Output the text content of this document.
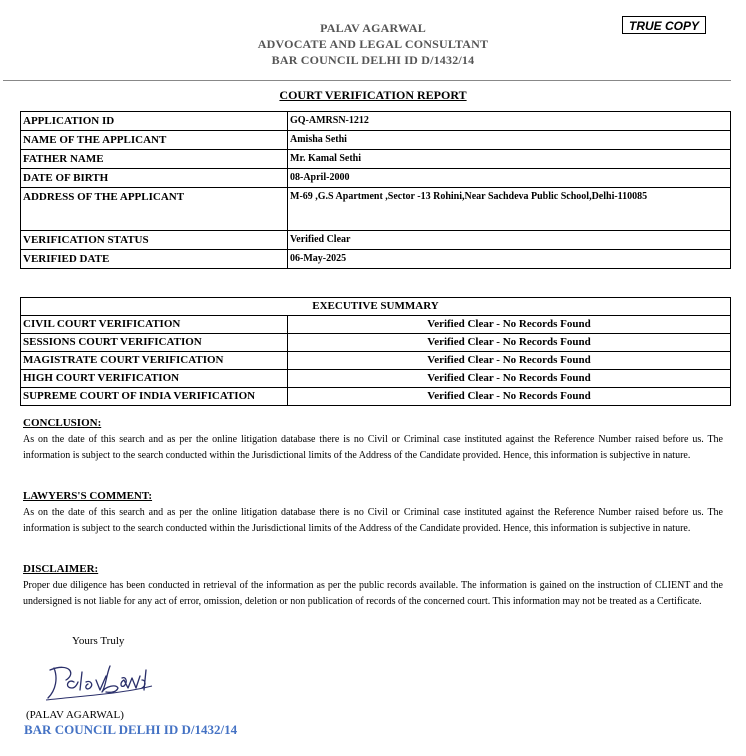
PALAV AGARWAL
ADVOCATE AND LEGAL CONSULTANT
BAR COUNCIL DELHI ID D/1432/14
TRUE COPY
COURT VERIFICATION REPORT
APPLICATION ID	GQ-AMRSN-1212
NAME OF THE APPLICANT	Amisha Sethi
FATHER NAME	Mr. Kamal Sethi
DATE OF BIRTH	08-April-2000
ADDRESS OF THE APPLICANT	M-69 ,G.S Apartment ,Sector -13 Rohini,Near Sachdeva Public School,Delhi-110085
VERIFICATION STATUS	Verified Clear
VERIFIED DATE	06-May-2025
EXECUTIVE SUMMARY	
CIVIL COURT VERIFICATION	Verified Clear - No Records Found
SESSIONS COURT VERIFICATION	Verified Clear - No Records Found
MAGISTRATE COURT VERIFICATION	Verified Clear - No Records Found
HIGH COURT VERIFICATION	Verified Clear - No Records Found
SUPREME COURT OF INDIA VERIFICATION	Verified Clear - No Records Found
CONCLUSION:

As on the date of this search and as per the online litigation database there is no Civil or Criminal case instituted against the Reference Number raised before us. The information is subject to the search conducted within the Jurisdictional limits of the Address of the Candidate provided. Hence, this information is subjective in nature.

LAWYERS'S COMMENT:

As on the date of this search and as per the online litigation database there is no Civil or Criminal case instituted against the Reference Number raised before us. The information is subject to the search conducted within the Jurisdictional limits of the Address of the Candidate provided. Hence, this information is subjective in nature.

DISCLAIMER:

Proper due diligence has been conducted in retrieval of the information as per the public records available. The information is gained on the instruction of CLIENT and the undersigned is not liable for any act of error, omission, deletion or non publication of records of the concerned court. This information may not be treated as a Certificate.

Yours Truly
(PALAV AGARWAL)
BAR COUNCIL DELHI ID D/1432/14
